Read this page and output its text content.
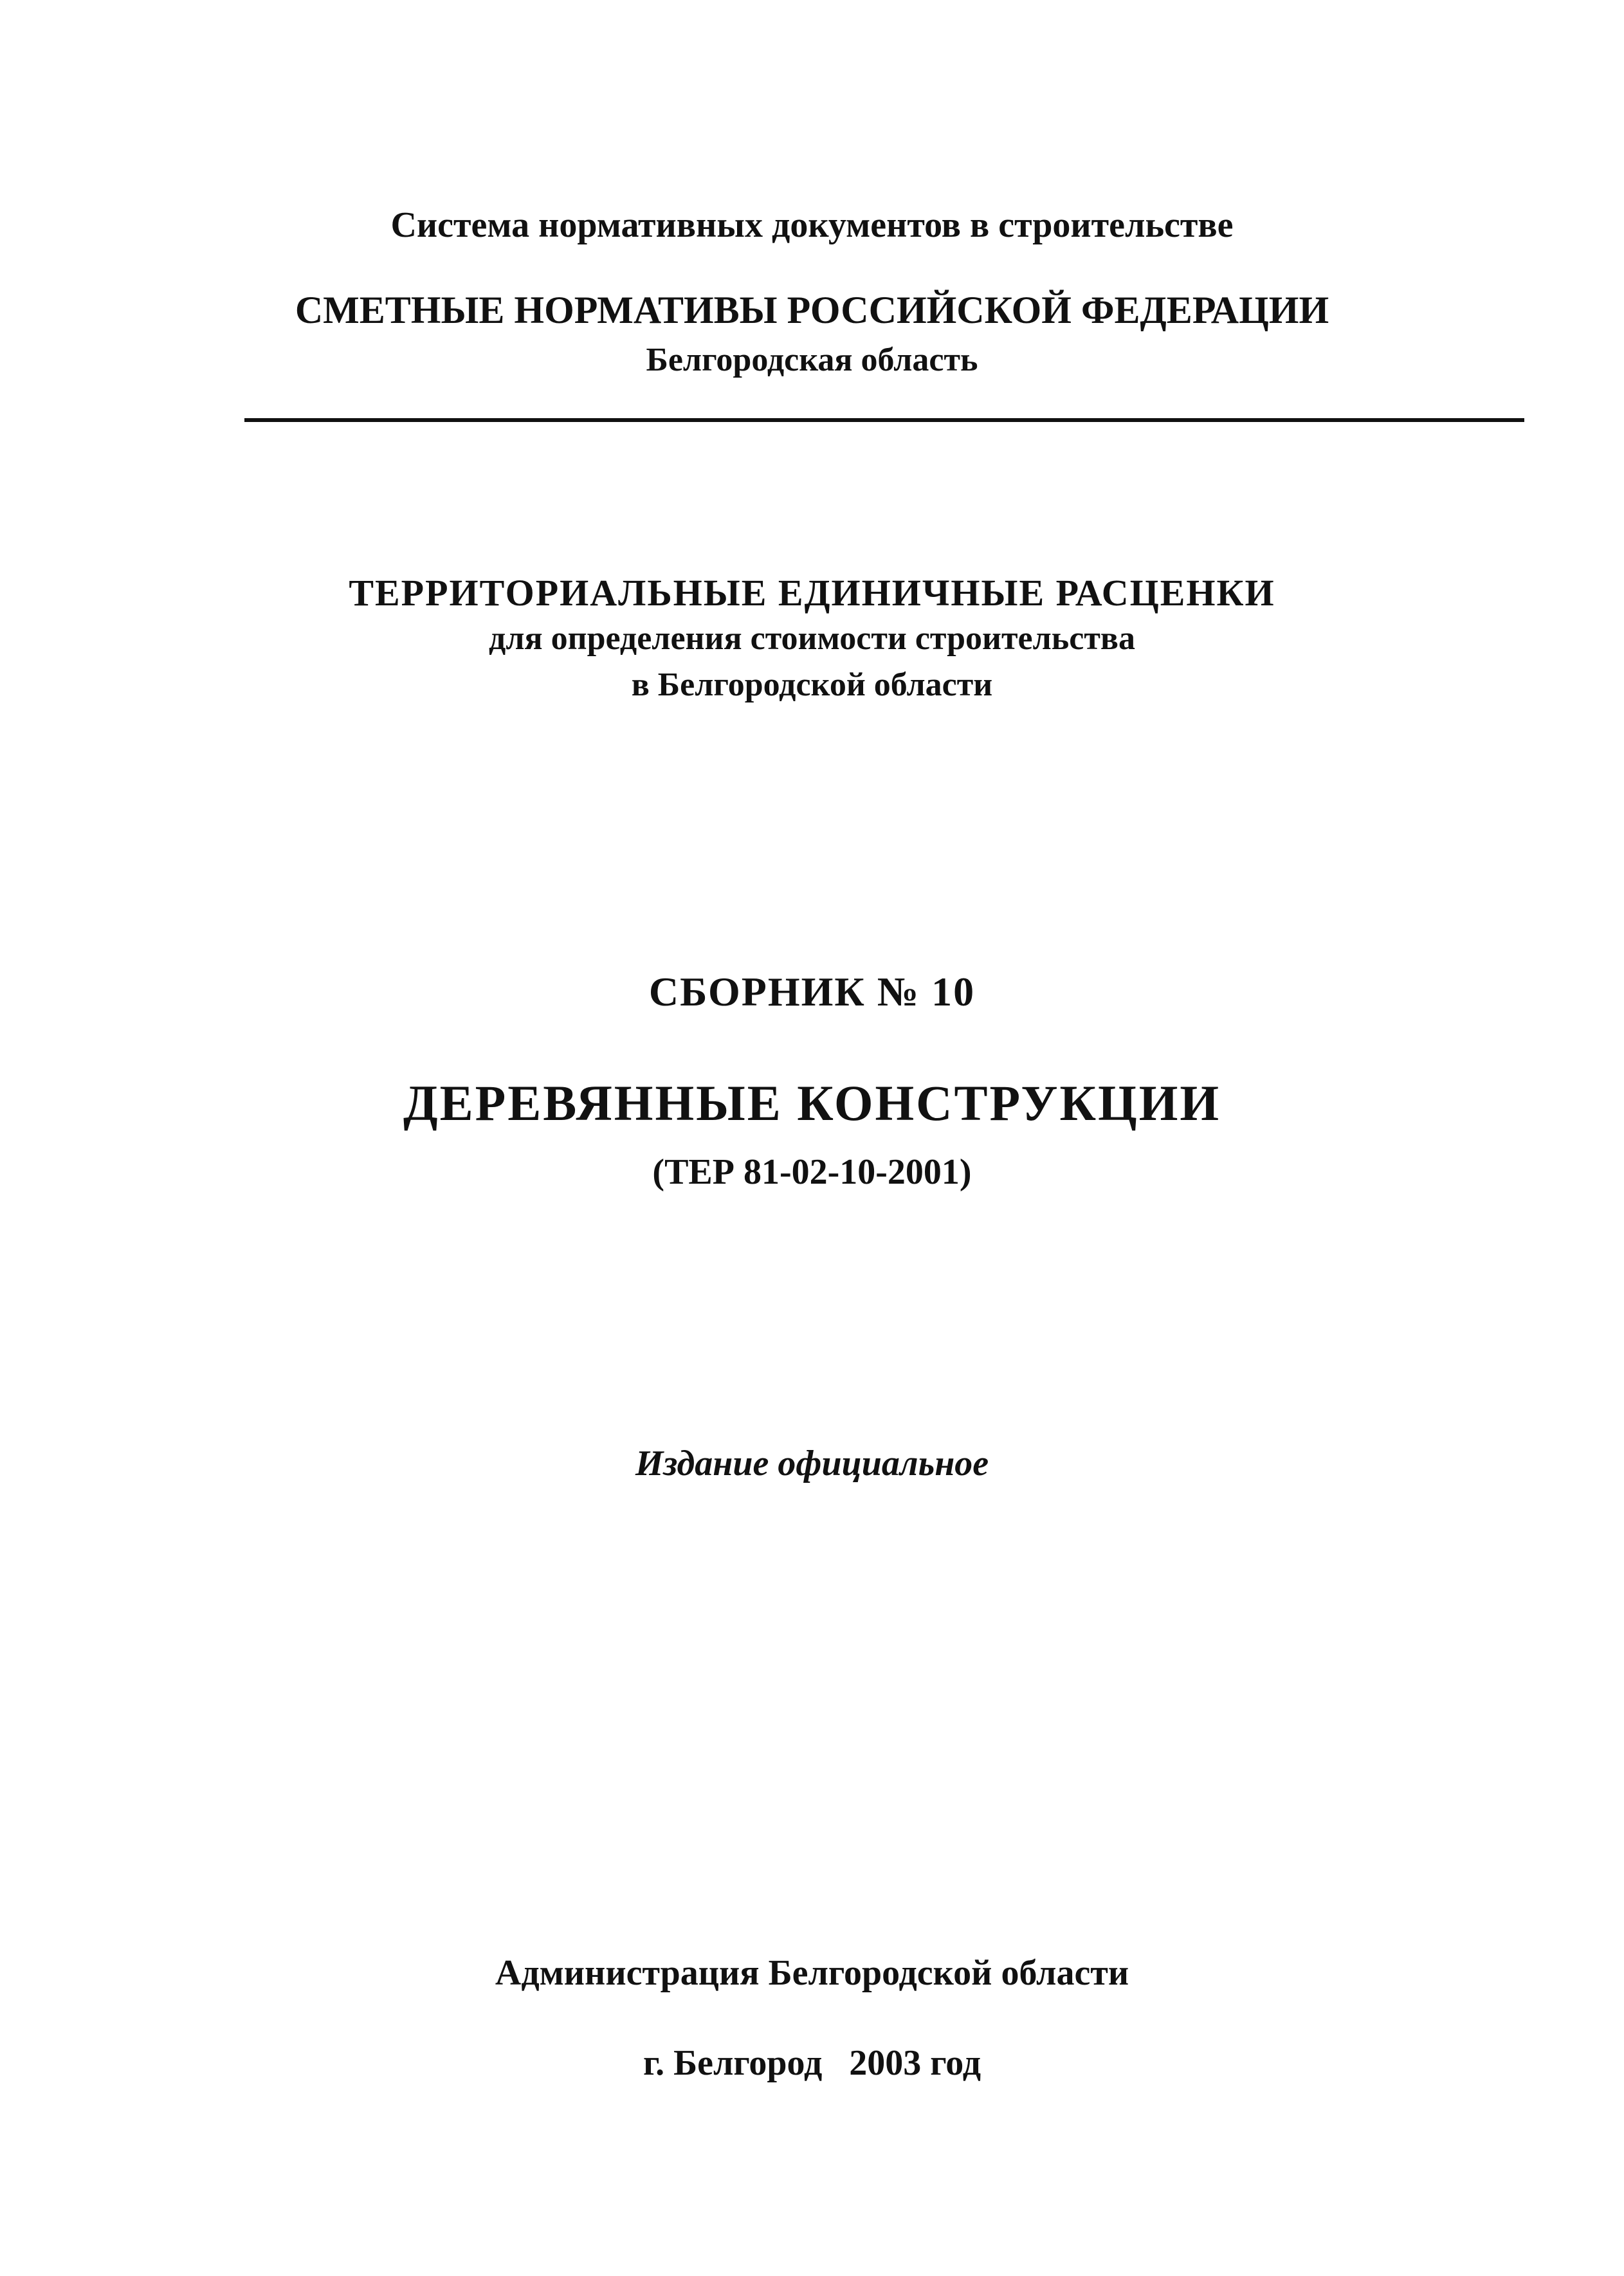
Система нормативных документов в строительстве
СМЕТНЫЕ НОРМАТИВЫ РОССИЙСКОЙ ФЕДЕРАЦИИ
Белгородская область
ТЕРРИТОРИАЛЬНЫЕ ЕДИНИЧНЫЕ РАСЦЕНКИ
для определения стоимости строительства
в Белгородской области
СБОРНИК № 10
ДЕРЕВЯННЫЕ КОНСТРУКЦИИ
(ТЕР 81-02-10-2001)
Издание официальное
Администрация Белгородской области
г. Белгород   2003 год
